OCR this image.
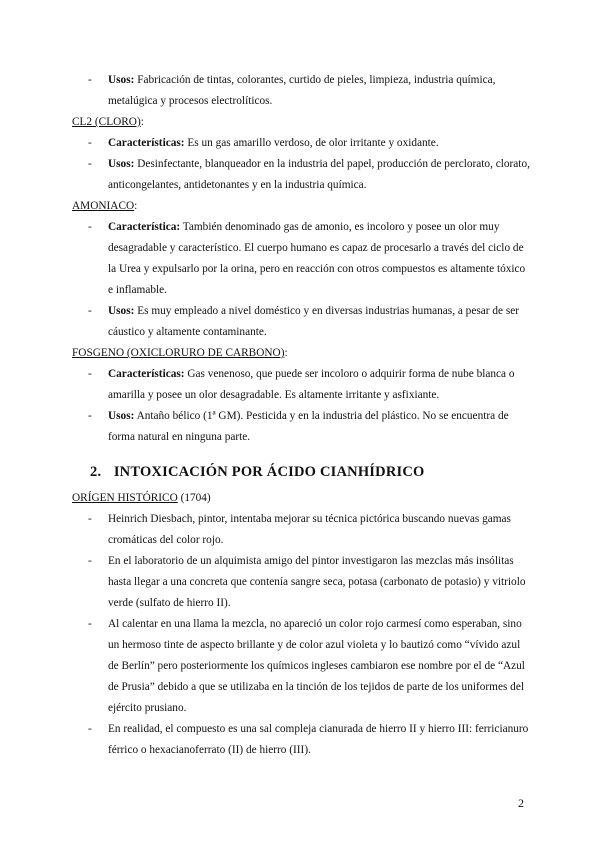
-	Usos: Fabricación de tintas, colorantes, curtido de pieles, limpieza, industria química, metalúgica y procesos electrolíticos.
CL2 (CLORO):
-	Características: Es un gas amarillo verdoso, de olor irritante y oxidante.
-	Usos: Desinfectante, blanqueador en la industria del papel, producción de perclorato, clorato, anticongelantes, antidetonantes y en la industria química.
AMONIACO:
-	Característica: También denominado gas de amonio, es incoloro y posee un olor muy desagradable y característico. El cuerpo humano es capaz de procesarlo a través del ciclo de la Urea y expulsarlo por la orina, pero en reacción con otros compuestos es altamente tóxico e inflamable.
-	Usos: Es muy empleado a nivel doméstico y en diversas industrias humanas, a pesar de ser cáustico y altamente contaminante.
FOSGENO (OXICLORURO DE CARBONO):
-	Características: Gas venenoso, que puede ser incoloro o adquirir forma de nube blanca o amarilla y posee un olor desagradable. Es altamente irritante y asfixiante.
-	Usos: Antaño bélico (1ª GM). Pesticida y en la industria del plástico. No se encuentra de forma natural en ninguna parte.
2. INTOXICACIÓN POR ÁCIDO CIANHÍDRICO
ORÍGEN HISTÓRICO (1704)
-	Heinrich Diesbach, pintor, intentaba mejorar su técnica pictórica buscando nuevas gamas cromáticas del color rojo.
-	En el laboratorio de un alquimista amigo del pintor investigaron las mezclas más insólitas hasta llegar a una concreta que contenía sangre seca, potasa (carbonato de potasio) y vitriolo verde (sulfato de hierro II).
-	Al calentar en una llama la mezcla, no apareció un color rojo carmesí como esperaban, sino un hermoso tinte de aspecto brillante y de color azul violeta y lo bautizó como “vívido azul de Berlín” pero posteriormente los químicos ingleses cambiaron ese nombre por el de “Azul de Prusia” debido a que se utilizaba en la tinción de los tejidos de parte de los uniformes del ejército prusiano.
-	En realidad, el compuesto es una sal compleja cianurada de hierro II y hierro III: ferricianuro férrico o hexacianoferrato (II) de hierro (III).
2
